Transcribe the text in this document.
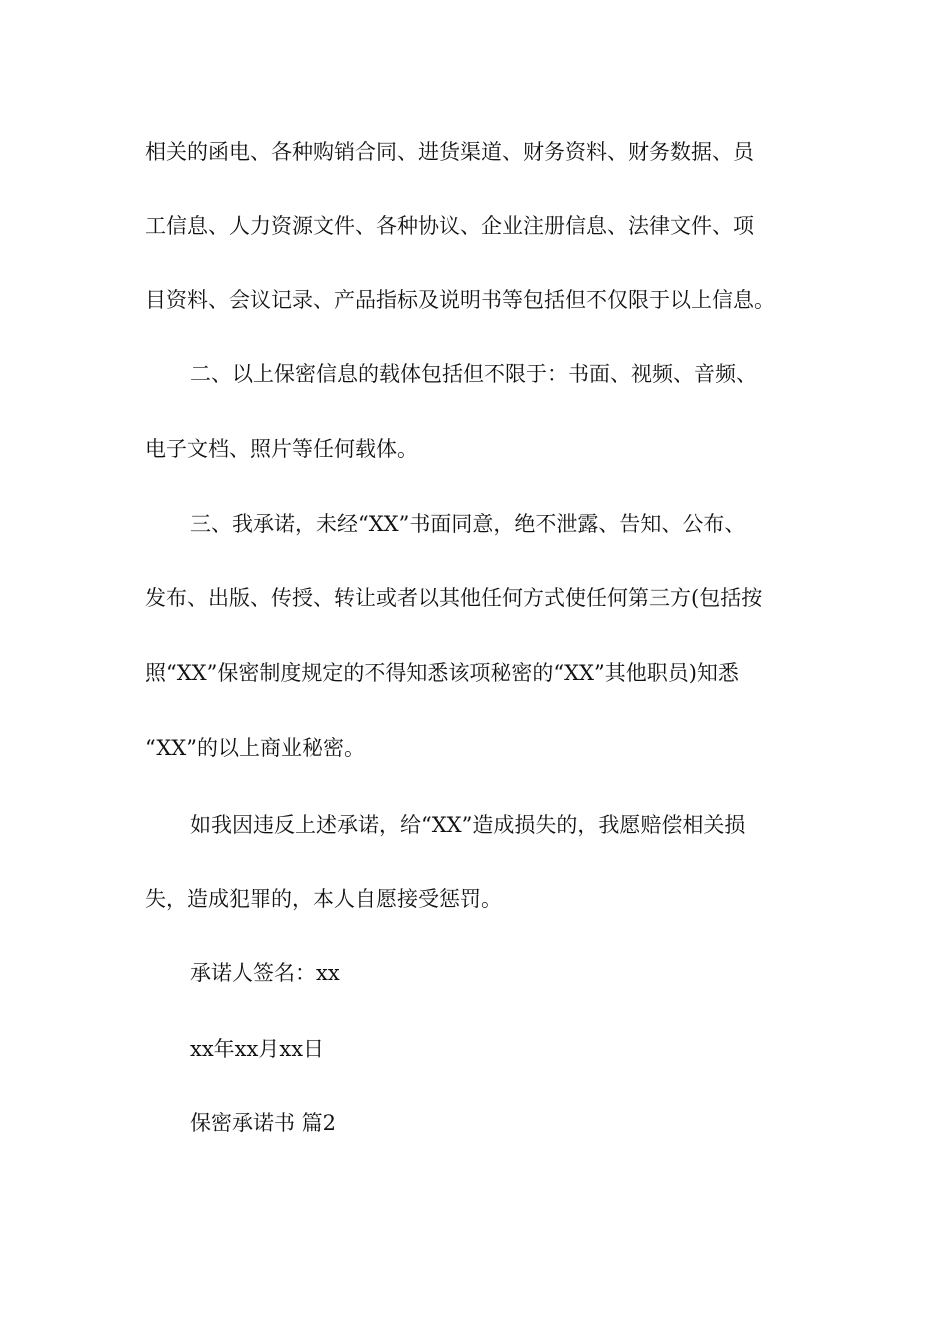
相关的函电、各种购销合同、进货渠道、财务资料、财务数据、员
工信息、人力资源文件、各种协议、企业注册信息、法律文件、项
目资料、会议记录、产品指标及说明书等包括但不仅限于以上信息。
二、以上保密信息的载体包括但不限于：书面、视频、音频、
电子文档、照片等任何载体。
三、我承诺，未经“XX”书面同意，绝不泄露、告知、公布、
发布、出版、传授、转让或者以其他任何方式使任何第三方(包括按
照“XX”保密制度规定的不得知悉该项秘密的“XX”其他职员)知悉
“XX”的以上商业秘密。
如我因违反上述承诺，给“XX”造成损失的，我愿赔偿相关损
失，造成犯罪的，本人自愿接受惩罚。
承诺人签名：xx
xx年xx月xx日
保密承诺书 篇2
